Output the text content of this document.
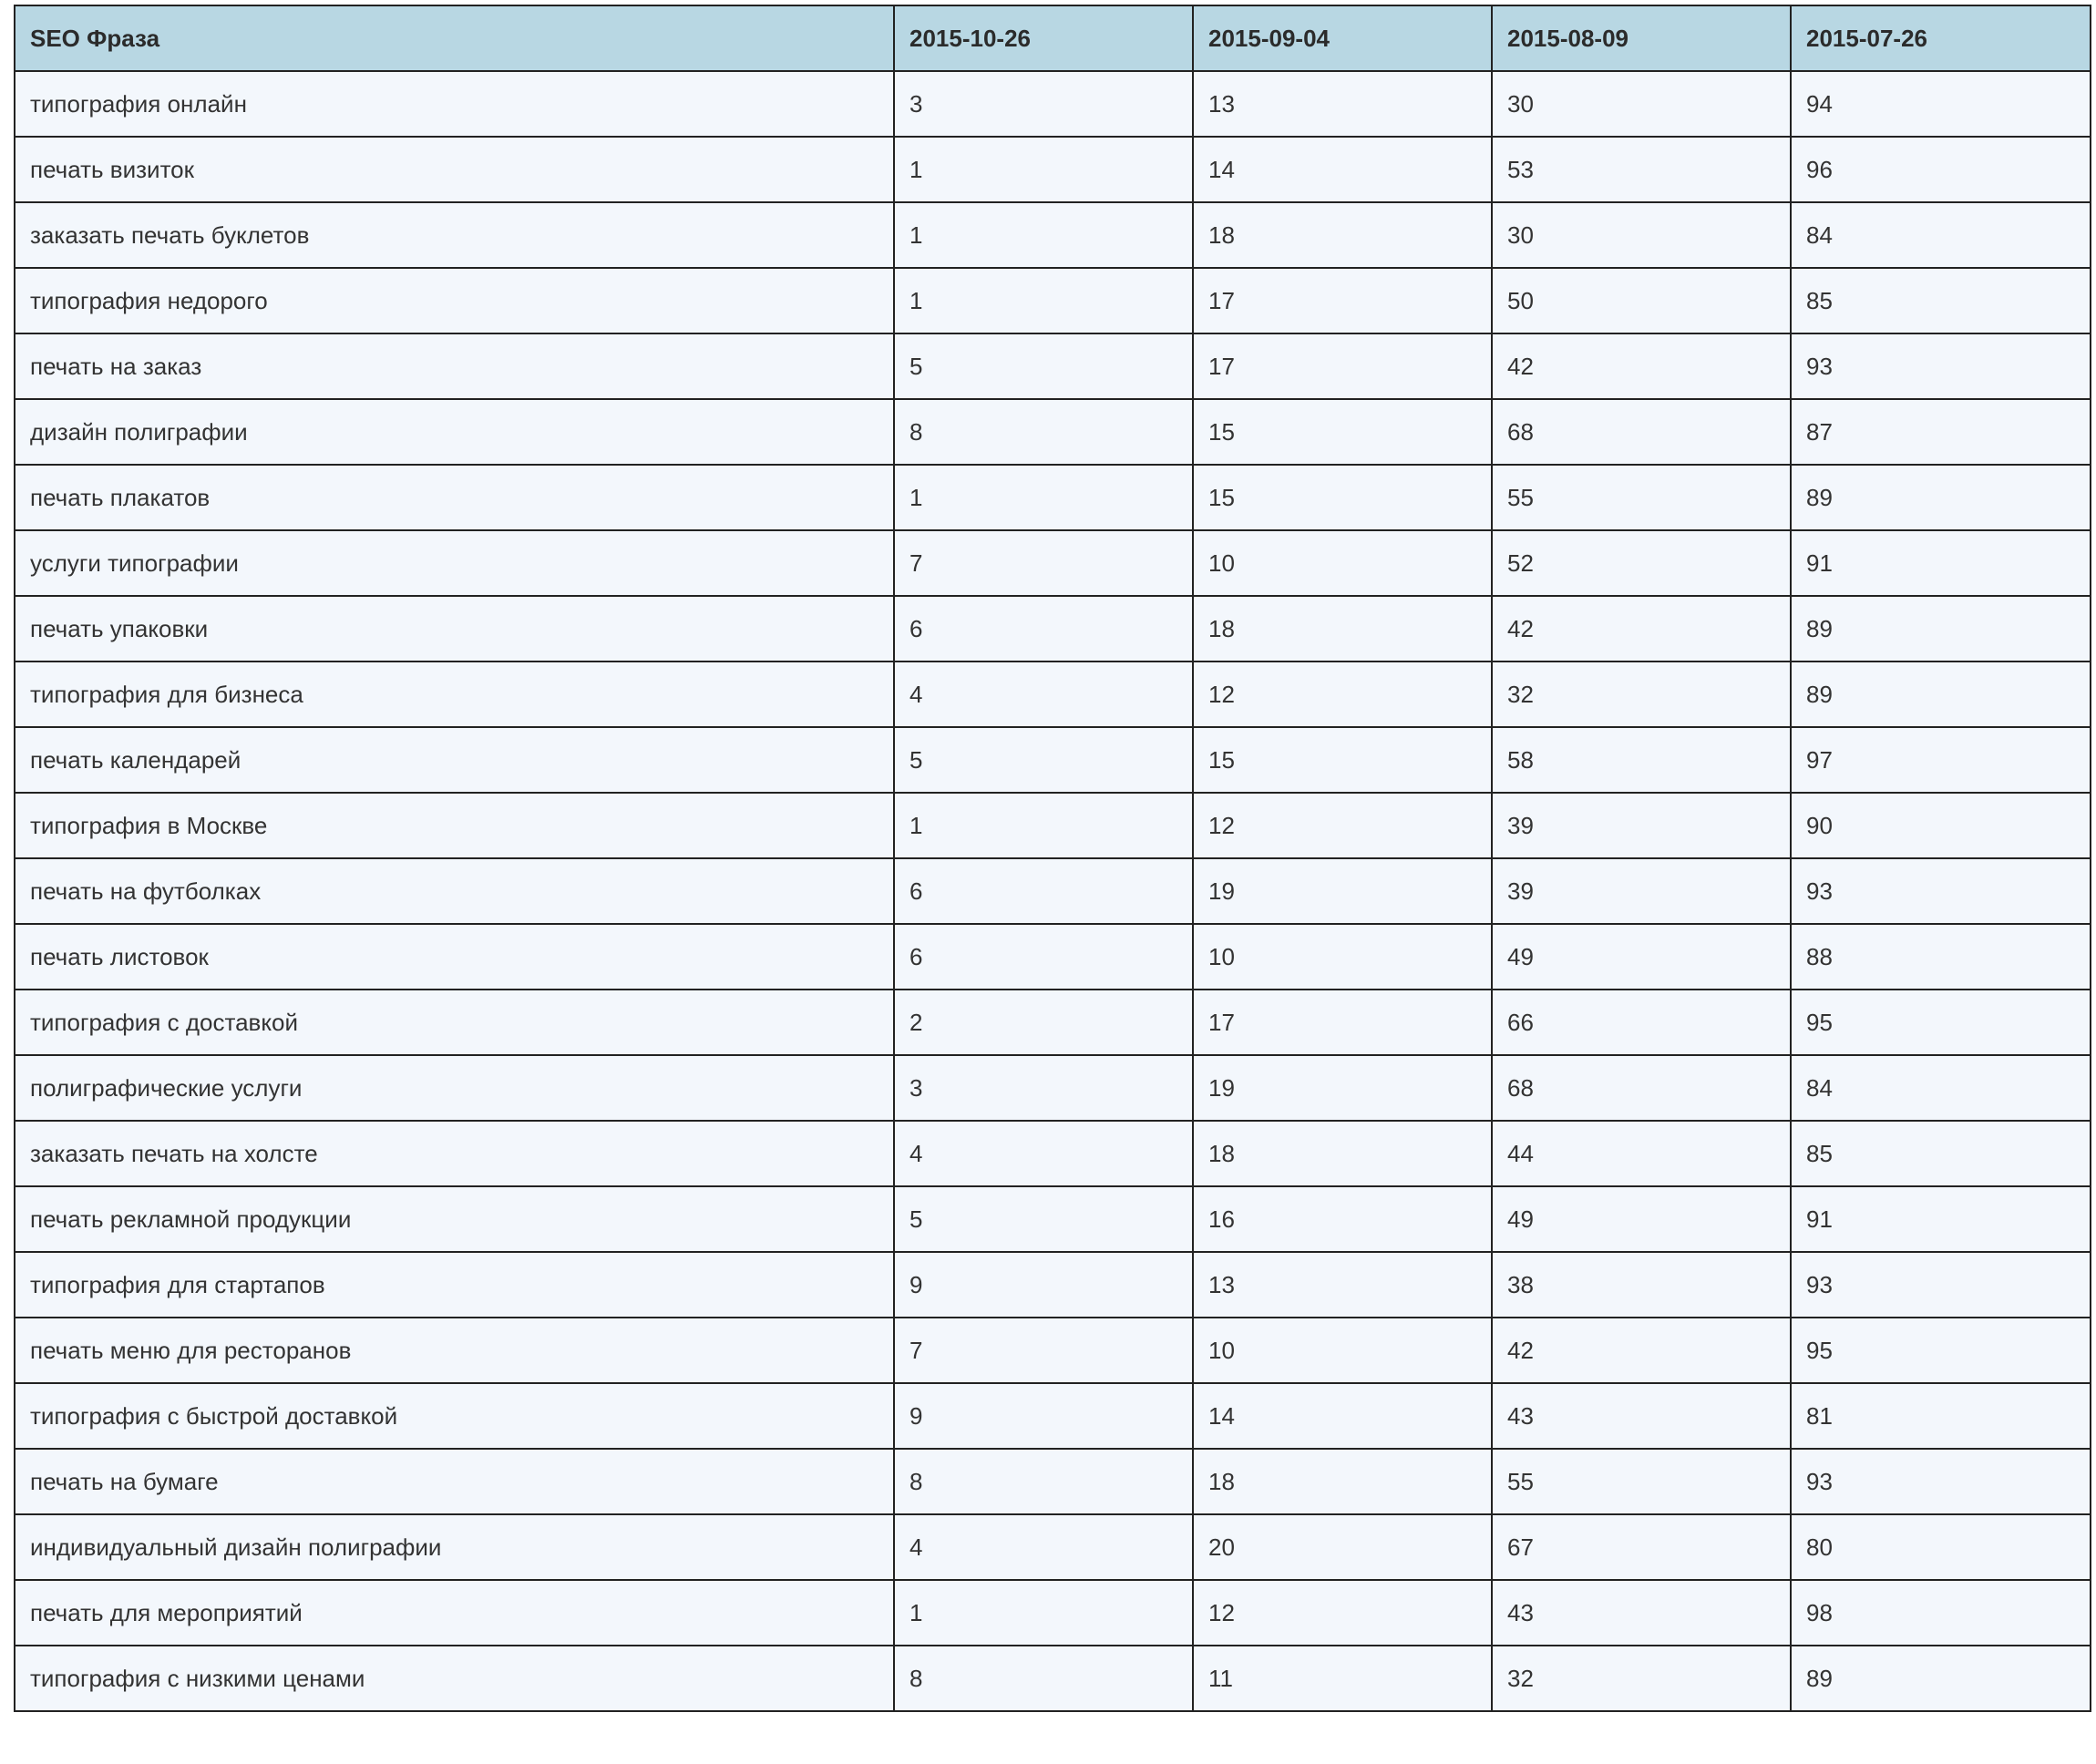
SEO Фраза	2015-10-26	2015-09-04	2015-08-09	2015-07-26
типография онлайн	3	13	30	94
печать визиток	1	14	53	96
заказать печать буклетов	1	18	30	84
типография недорого	1	17	50	85
печать на заказ	5	17	42	93
дизайн полиграфии	8	15	68	87
печать плакатов	1	15	55	89
услуги типографии	7	10	52	91
печать упаковки	6	18	42	89
типография для бизнеса	4	12	32	89
печать календарей	5	15	58	97
типография в Москве	1	12	39	90
печать на футболках	6	19	39	93
печать листовок	6	10	49	88
типография с доставкой	2	17	66	95
полиграфические услуги	3	19	68	84
заказать печать на холсте	4	18	44	85
печать рекламной продукции	5	16	49	91
типография для стартапов	9	13	38	93
печать меню для ресторанов	7	10	42	95
типография с быстрой доставкой	9	14	43	81
печать на бумаге	8	18	55	93
индивидуальный дизайн полиграфии	4	20	67	80
печать для мероприятий	1	12	43	98
типография с низкими ценами	8	11	32	89
